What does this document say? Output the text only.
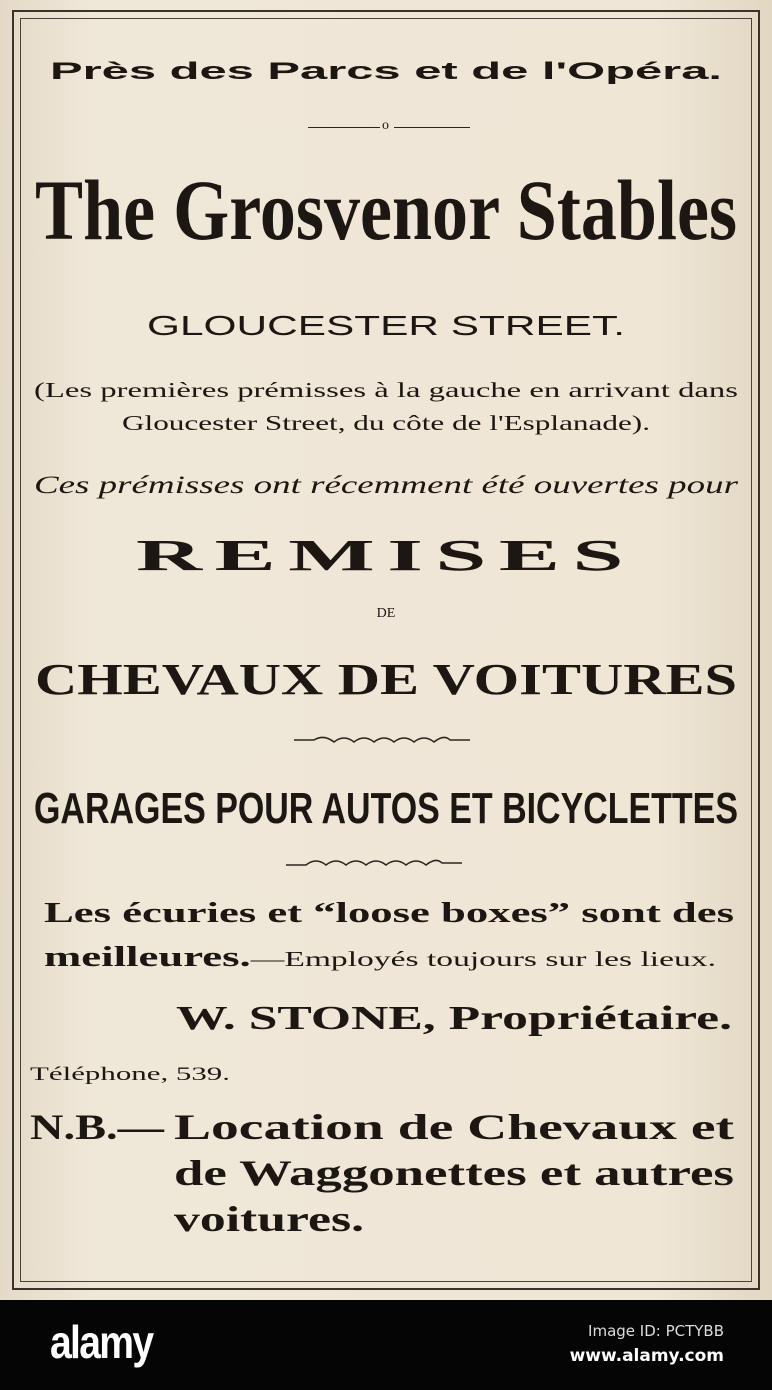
Près des Parcs et de l'Opéra.
o
The Grosvenor Stables
GLOUCESTER STREET.
(Les premières prémisses à la gauche en arrivant dans
Gloucester Street, du côte de l'Esplanade).
Ces prémisses ont récemment été ouvertes pour
REMISES
DE
CHEVAUX DE VOITURES
GARAGES POUR AUTOS ET BICYCLETTES
Les écuries et “loose boxes” sont des
meilleures.—Employés toujours sur les lieux.
W. STONE, Propriétaire.
Téléphone, 539.
N.B.— Location de Chevaux et
de Waggonettes et autres
voitures.
alamy	Image ID: PCTYBB
www.alamy.com
